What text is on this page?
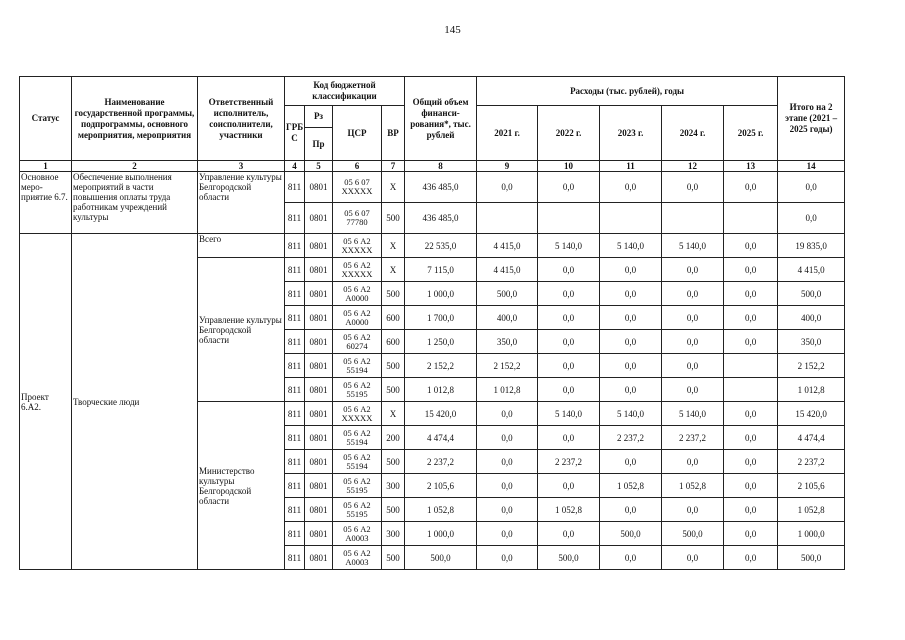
145
Статус	Наименование государственной программы, подпрограммы, основного мероприятия, мероприятия	Ответственный исполнитель, соисполнители, участники	Код бюджетной классификации				Общий объем финанси-рования*, тыс. рублей	Расходы (тыс. рублей), годы					Итого на 2 этапе (2021 – 2025 годы)
			ГРБ С	Рз	ЦСР	ВР		2021 г.	2022 г.	2023 г.	2024 г.	2025 г.	
				Пр									
1	2	3	4	5	6	7	8	9	10	11	12	13	14
Основное меро-приятие 6.7.	Обеспечение выполнения мероприятий в части повышения оплаты труда работникам учреждений культуры	Управление культуры Белгородской области	811	0801	05 6 07 XXXXX	X	436 485,0	0,0	0,0	0,0	0,0	0,0	0,0
			811	0801	05 6 07 77780	500	436 485,0						0,0
Проект 6.А2.	Творческие люди	Всего	811	0801	05 6 А2 XXXXX	X	22 535,0	4 415,0	5 140,0	5 140,0	5 140,0	0,0	19 835,0
		Управление культуры Белгородской области	811	0801	05 6 А2 XXXXX	X	7 115,0	4 415,0	0,0	0,0	0,0	0,0	4 415,0
			811	0801	05 6 А2 А0000	500	1 000,0	500,0	0,0	0,0	0,0	0,0	500,0
			811	0801	05 6 А2 А0000	600	1 700,0	400,0	0,0	0,0	0,0	0,0	400,0
			811	0801	05 6 А2 60274	600	1 250,0	350,0	0,0	0,0	0,0	0,0	350,0
			811	0801	05 6 А2 55194	500	2 152,2	2 152,2	0,0	0,0	0,0		2 152,2
			811	0801	05 6 А2 55195	500	1 012,8	1 012,8	0,0	0,0	0,0		1 012,8
		Министерство культуры Белгородской области	811	0801	05 6 А2 XXXXX	X	15 420,0	0,0	5 140,0	5 140,0	5 140,0	0,0	15 420,0
			811	0801	05 6 А2 55194	200	4 474,4	0,0	0,0	2 237,2	2 237,2	0,0	4 474,4
			811	0801	05 6 А2 55194	500	2 237,2	0,0	2 237,2	0,0	0,0	0,0	2 237,2
			811	0801	05 6 А2 55195	300	2 105,6	0,0	0,0	1 052,8	1 052,8	0,0	2 105,6
			811	0801	05 6 А2 55195	500	1 052,8	0,0	1 052,8	0,0	0,0	0,0	1 052,8
			811	0801	05 6 А2 А0003	300	1 000,0	0,0	0,0	500,0	500,0	0,0	1 000,0
			811	0801	05 6 А2 А0003	500	500,0	0,0	500,0	0,0	0,0	0,0	500,0
